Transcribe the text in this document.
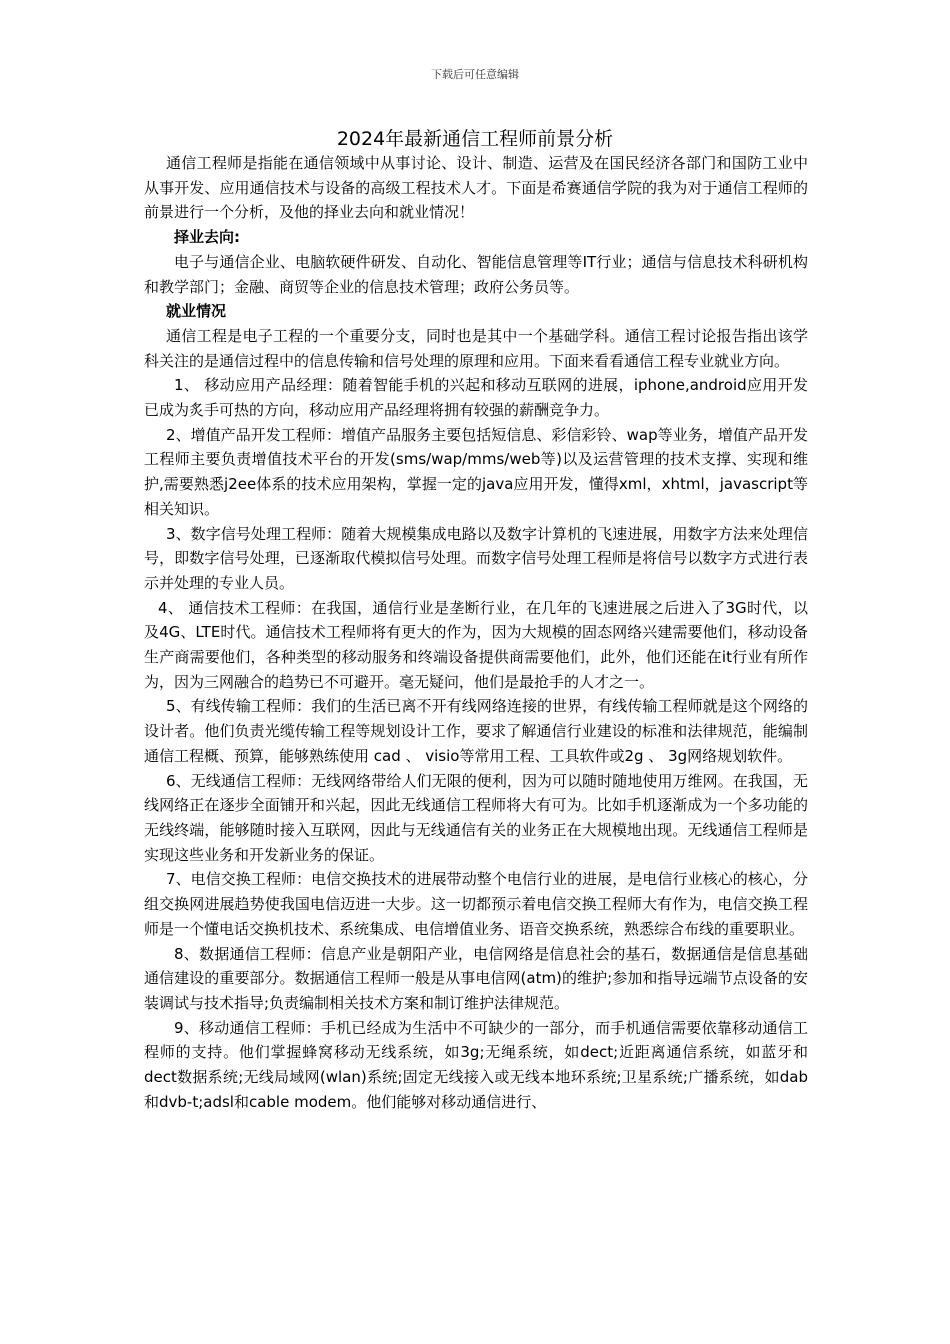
下载后可任意编辑
2024年最新通信工程师前景分析

通信工程师是指能在通信领域中从事讨论、设计、制造、运营及在国民经济各部门和国防工业中从事开发、应用通信技术与设备的高级工程技术人才。下面是希赛通信学院的我为对于通信工程师的前景进行一个分析，及他的择业去向和就业情况！

择业去向:

电子与通信企业、电脑软硬件研发、自动化、智能信息管理等IT行业；通信与信息技术科研机构和教学部门；金融、商贸等企业的信息技术管理；政府公务员等。

就业情况

通信工程是电子工程的一个重要分支，同时也是其中一个基础学科。通信工程讨论报告指出该学科关注的是通信过程中的信息传输和信号处理的原理和应用。下面来看看通信工程专业就业方向。

1、 移动应用产品经理：随着智能手机的兴起和移动互联网的进展，iphone,android应用开发已成为炙手可热的方向，移动应用产品经理将拥有较强的薪酬竞争力。

2、增值产品开发工程师：增值产品服务主要包括短信息、彩信彩铃、wap等业务，增值产品开发工程师主要负责增值技术平台的开发(sms/wap/mms/web等)以及运营管理的技术支撑、实现和维护,需要熟悉j2ee体系的技术应用架构，掌握一定的java应用开发，懂得xml，xhtml，javascript等相关知识。

3、数字信号处理工程师：随着大规模集成电路以及数字计算机的飞速进展，用数字方法来处理信号，即数字信号处理，已逐渐取代模拟信号处理。而数字信号处理工程师是将信号以数字方式进行表示并处理的专业人员。

4、 通信技术工程师：在我国，通信行业是垄断行业，在几年的飞速进展之后进入了3G时代，以及4G、LTE时代。通信技术工程师将有更大的作为，因为大规模的固态网络兴建需要他们，移动设备生产商需要他们，各种类型的移动服务和终端设备提供商需要他们，此外，他们还能在it行业有所作为，因为三网融合的趋势已不可避开。毫无疑问，他们是最抢手的人才之一。

5、有线传输工程师：我们的生活已离不开有线网络连接的世界，有线传输工程师就是这个网络的设计者。他们负责光缆传输工程等规划设计工作，要求了解通信行业建设的标准和法律规范，能编制通信工程概、预算，能够熟练使用 cad 、 visio等常用工程、工具软件或2g 、 3g网络规划软件。

6、无线通信工程师：无线网络带给人们无限的便利，因为可以随时随地使用万维网。在我国，无线网络正在逐步全面铺开和兴起，因此无线通信工程师将大有可为。比如手机逐渐成为一个多功能的无线终端，能够随时接入互联网，因此与无线通信有关的业务正在大规模地出现。无线通信工程师是实现这些业务和开发新业务的保证。

7、电信交换工程师：电信交换技术的进展带动整个电信行业的进展，是电信行业核心的核心，分组交换网进展趋势使我国电信迈进一大步。这一切都预示着电信交换工程师大有作为，电信交换工程师是一个懂电话交换机技术、系统集成、电信增值业务、语音交换系统，熟悉综合布线的重要职业。

8、数据通信工程师：信息产业是朝阳产业，电信网络是信息社会的基石，数据通信是信息基础通信建设的重要部分。数据通信工程师一般是从事电信网(atm)的维护;参加和指导远端节点设备的安装调试与技术指导;负责编制相关技术方案和制订维护法律规范。

9、移动通信工程师：手机已经成为生活中不可缺少的一部分，而手机通信需要依靠移动通信工程师的支持。他们掌握蜂窝移动无线系统，如3g;无绳系统，如dect;近距离通信系统，如蓝牙和dect数据系统;无线局域网(wlan)系统;固定无线接入或无线本地环系统;卫星系统;广播系统，如dab和dvb-t;adsl和cable modem。他们能够对移动通信进行、
